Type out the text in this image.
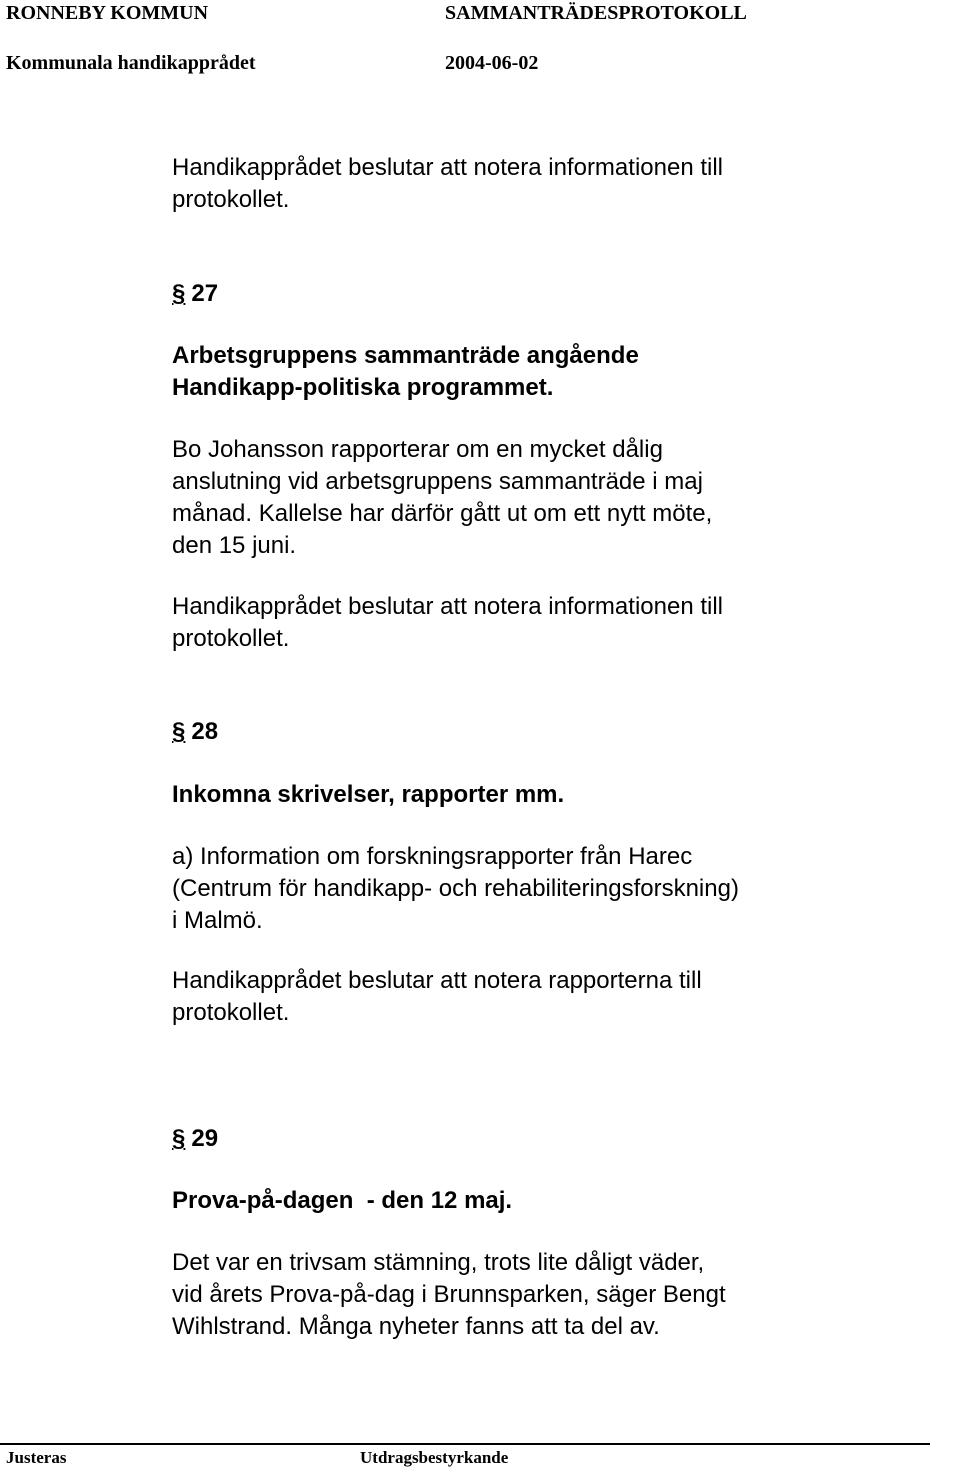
RONNEBY KOMMUN	SAMMANTRÄDESPROTOKOLL
Kommunala handikapprådet	2004-06-02
Handikapprådet beslutar att notera informationen till
protokollet.
§ 27
Arbetsgruppens sammanträde angående
Handikapp-politiska programmet.
Bo Johansson rapporterar om en mycket dålig
anslutning vid arbetsgruppens sammanträde i maj
månad. Kallelse har därför gått ut om ett nytt möte,
den 15 juni.
Handikapprådet beslutar att notera informationen till
protokollet.
§ 28
Inkomna skrivelser, rapporter mm.
a) Information om forskningsrapporter från Harec
(Centrum för handikapp- och rehabiliteringsforskning)
i Malmö.
Handikapprådet beslutar att notera rapporterna till
protokollet.
§ 29
Prova-på-dagen  - den 12 maj.
Det var en trivsam stämning, trots lite dåligt väder,
vid årets Prova-på-dag i Brunnsparken, säger Bengt
Wihlstrand. Många nyheter fanns att ta del av.
Justeras	Utdragsbestyrkande
